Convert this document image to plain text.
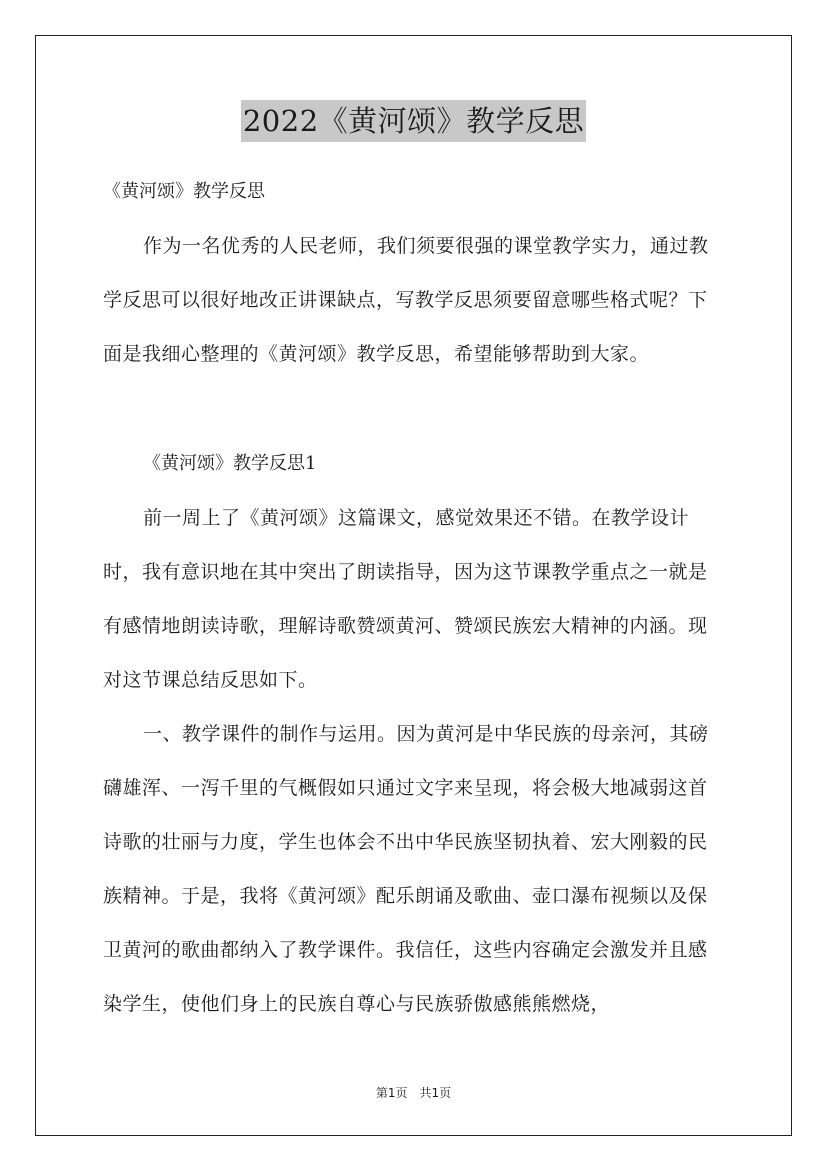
2022《黄河颂》教学反思
《黄河颂》教学反思

作为一名优秀的人民老师，我们须要很强的课堂教学实力，通过教学反思可以很好地改正讲课缺点，写教学反思须要留意哪些格式呢？下面是我细心整理的《黄河颂》教学反思，希望能够帮助到大家。

《黄河颂》教学反思1

前一周上了《黄河颂》这篇课文，感觉效果还不错。在教学设计时，我有意识地在其中突出了朗读指导，因为这节课教学重点之一就是有感情地朗读诗歌，理解诗歌赞颂黄河、赞颂民族宏大精神的内涵。现对这节课总结反思如下。

一、教学课件的制作与运用。因为黄河是中华民族的母亲河，其磅礴雄浑、一泻千里的气概假如只通过文字来呈现，将会极大地减弱这首诗歌的壮丽与力度，学生也体会不出中华民族坚韧执着、宏大刚毅的民族精神。于是，我将《黄河颂》配乐朗诵及歌曲、壶口瀑布视频以及保卫黄河的歌曲都纳入了教学课件。我信任，这些内容确定会激发并且感染学生，使他们身上的民族自尊心与民族骄傲感熊熊燃烧，

第1页　共1页
